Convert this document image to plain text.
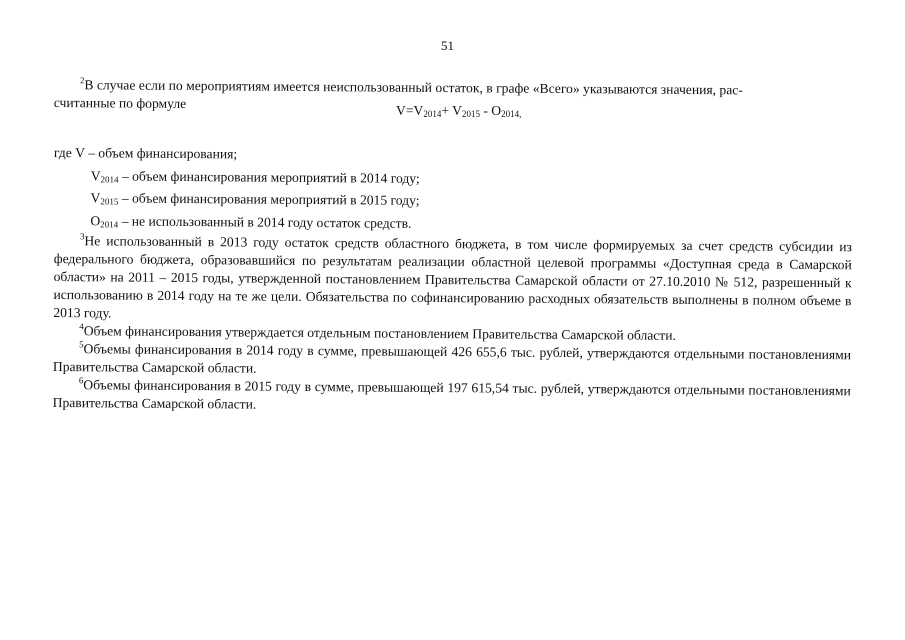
51

$^2$В случае если по мероприятиям имеется неиспользованный остаток, в графе «Всего» указываются значения, рас-

считанные по формуле	$V=V_{2014}+ V_{2015} - O_{2014,}$

где V – объем финансирования;

$V_{2014}$ – объем финансирования мероприятий в 2014 году;

$V_{2015}$ – объем финансирования мероприятий в 2015 году;

$O_{2014}$ – не использованный в 2014 году остаток средств.

$^3$Не использованный в 2013 году остаток средств областного бюджета, в том числе формируемых за счет средств субсидии из федерального бюджета, образовавшийся по результатам реализации областной целевой программы «Доступная среда в Самарской области» на 2011 – 2015 годы, утвержденной постановлением Правительства Самарской области от 27.10.2010 № 512, разрешенный к использованию в 2014 году на те же цели. Обязательства по софинансированию расходных обязательств выполнены в полном объеме в 2013 году.

$^4$Объем финансирования утверждается отдельным постановлением Правительства Самарской области.

$^5$Объемы финансирования в 2014 году в сумме, превышающей 426 655,6 тыс. рублей, утверждаются отдельными постановлениями Правительства Самарской области.

$^6$Объемы финансирования в 2015 году в сумме, превышающей 197 615,54 тыс. рублей, утверждаются отдельными постановлениями Правительства Самарской области.
